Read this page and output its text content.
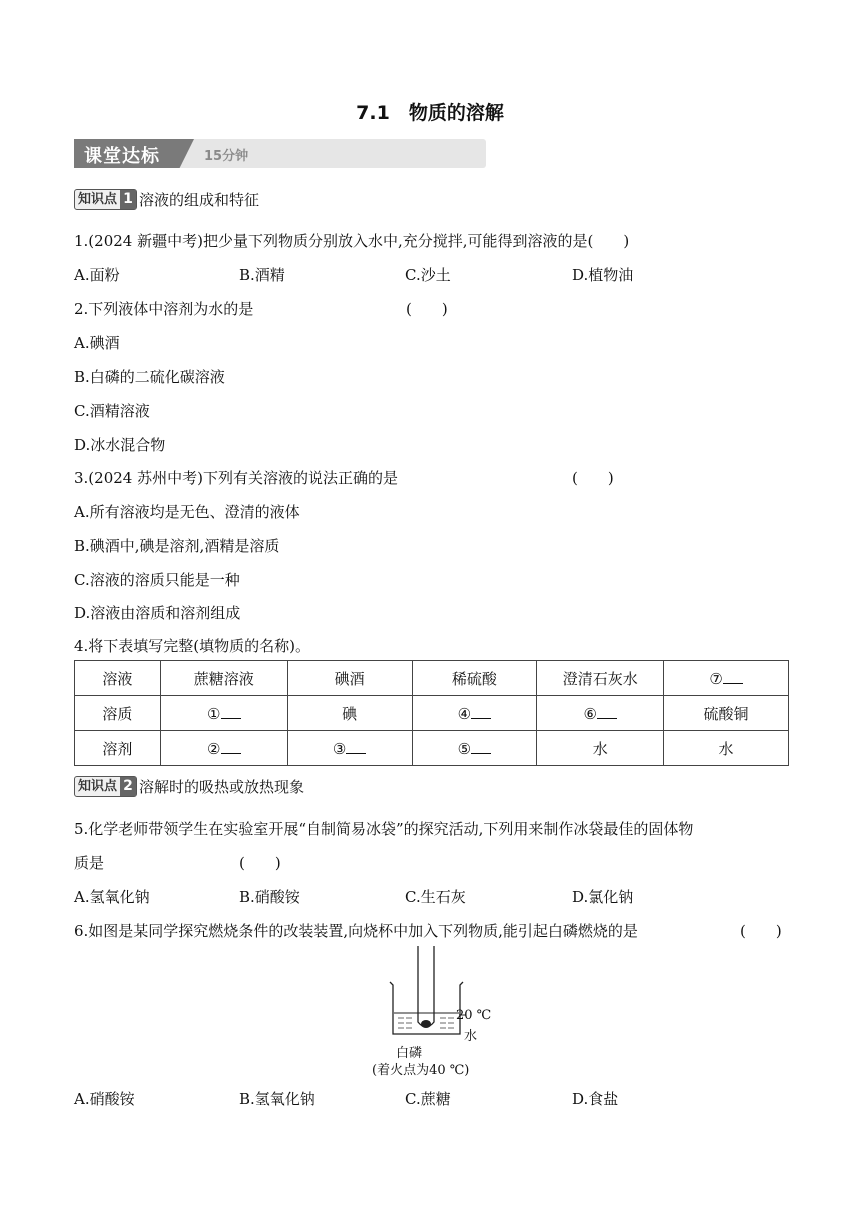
7.1　物质的溶解
课堂达标	15分钟
知识点 1 溶液的组成和特征
1.(2024 新疆中考)把少量下列物质分别放入水中,充分搅拌,可能得到溶液的是(　　)
A.面粉	B.酒精	C.沙土	D.植物油
2.下列液体中溶剂为水的是	(　　)
A.碘酒
B.白磷的二硫化碳溶液
C.酒精溶液
D.冰水混合物
3.(2024 苏州中考)下列有关溶液的说法正确的是	(　　)
A.所有溶液均是无色、澄清的液体
B.碘酒中,碘是溶剂,酒精是溶质
C.溶液的溶质只能是一种
D.溶液由溶质和溶剂组成
4.将下表填写完整(填物质的名称)。
溶液	蔗糖溶液	碘酒	稀硫酸	澄清石灰水	⑦
溶质	①	碘	④	⑥	硫酸铜
溶剂	②	③	⑤	水	水
知识点 2 溶解时的吸热或放热现象
5.化学老师带领学生在实验室开展“自制简易冰袋”的探究活动,下列用来制作冰袋最佳的固体物
质是	(　　)
A.氢氧化钠	B.硝酸铵	C.生石灰	D.氯化钠
6.如图是某同学探究燃烧条件的改装装置,向烧杯中加入下列物质,能引起白磷燃烧的是	(　　)
20 ℃
水
白磷
(着火点为40 ℃)
A.硝酸铵	B.氢氧化钠	C.蔗糖	D.食盐
